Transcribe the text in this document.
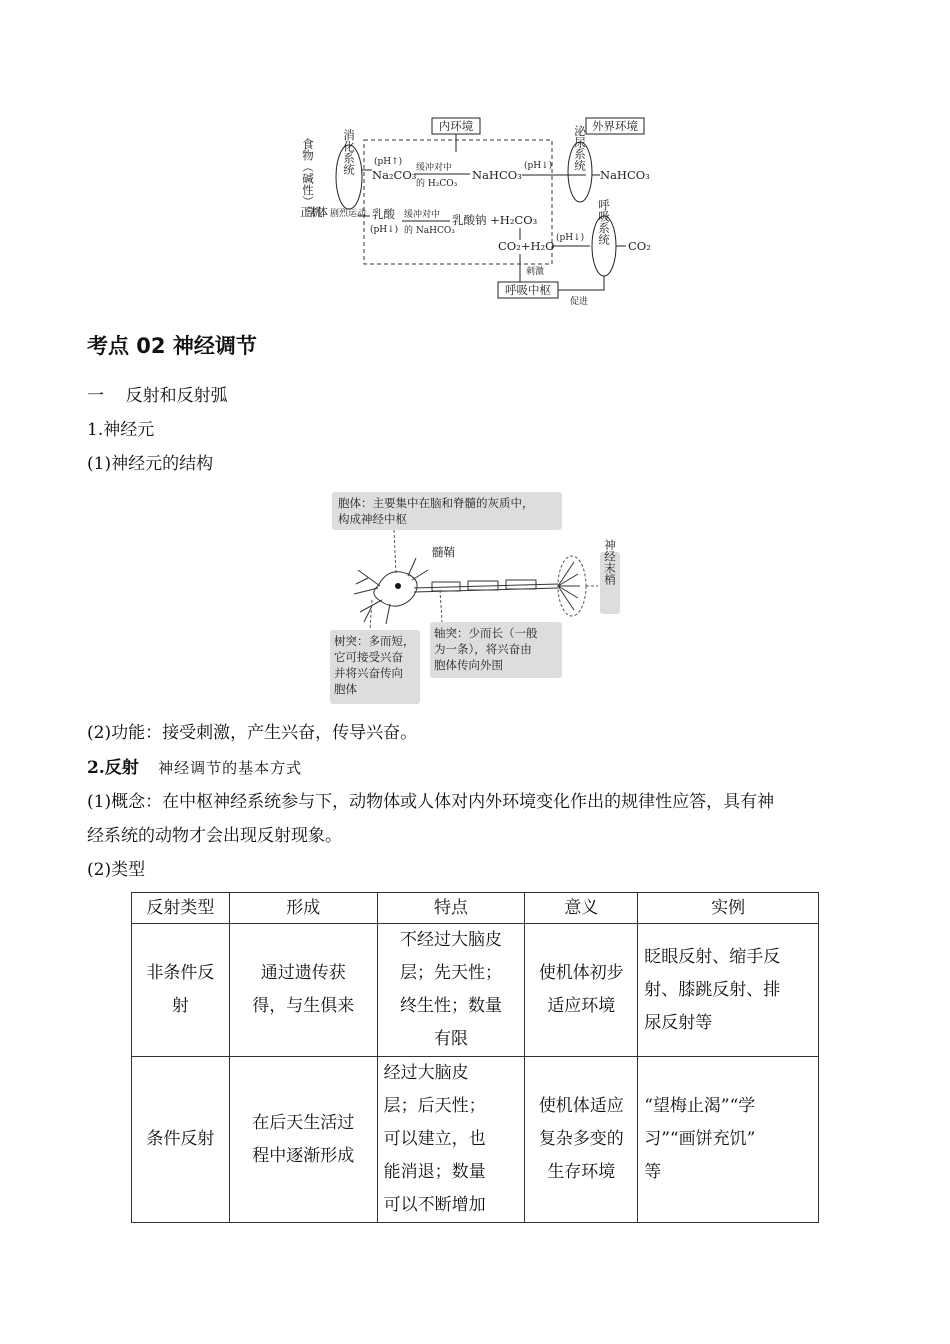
食物（碱性）
正常机体 剧烈运动
消化系统
内环境	外界环境
(pH↑)
Na₂CO₃ 缓冲对中
的 H₂CO₃
NaHCO₃
(pH↓) 泌尿系统
NaHCO₃
乳酸
(pH↓)
缓冲对中
的 NaHCO₃
乳酸钠 +H₂CO₃
CO₂+H₂O
(pH↓) 呼吸系统
CO₂
刺激
呼吸中枢
促进
考点 02 神经调节
一    反射和反射弧
1.神经元
(1)神经元的结构
胞体：主要集中在脑和脊髓的灰质中，
构成神经中枢
髓鞘	神经末梢
树突：多而短，
它可接受兴奋
并将兴奋传向
胞体
轴突：少而长（一般
为一条），将兴奋由
胞体传向外围
(2)功能：接受刺激，产生兴奋，传导兴奋。
2.反射 神经调节的基本方式
(1)概念：在中枢神经系统参与下，动物体或人体对内外环境变化作出的规律性应答，具有神
经系统的动物才会出现反射现象。
(2)类型
反射类型	形成	特点	意义	实例
非条件反
射	通过遗传获
得，与生俱来	不经过大脑皮
层；先天性；
终生性；数量
有限	使机体初步
适应环境	眨眼反射、缩手反
射、膝跳反射、排
尿反射等
条件反射	在后天生活过
程中逐渐形成	经过大脑皮
层；后天性；
可以建立，也
能消退；数量
可以不断增加	使机体适应
复杂多变的
生存环境	“望梅止渴”“学
习”“画饼充饥”
等
